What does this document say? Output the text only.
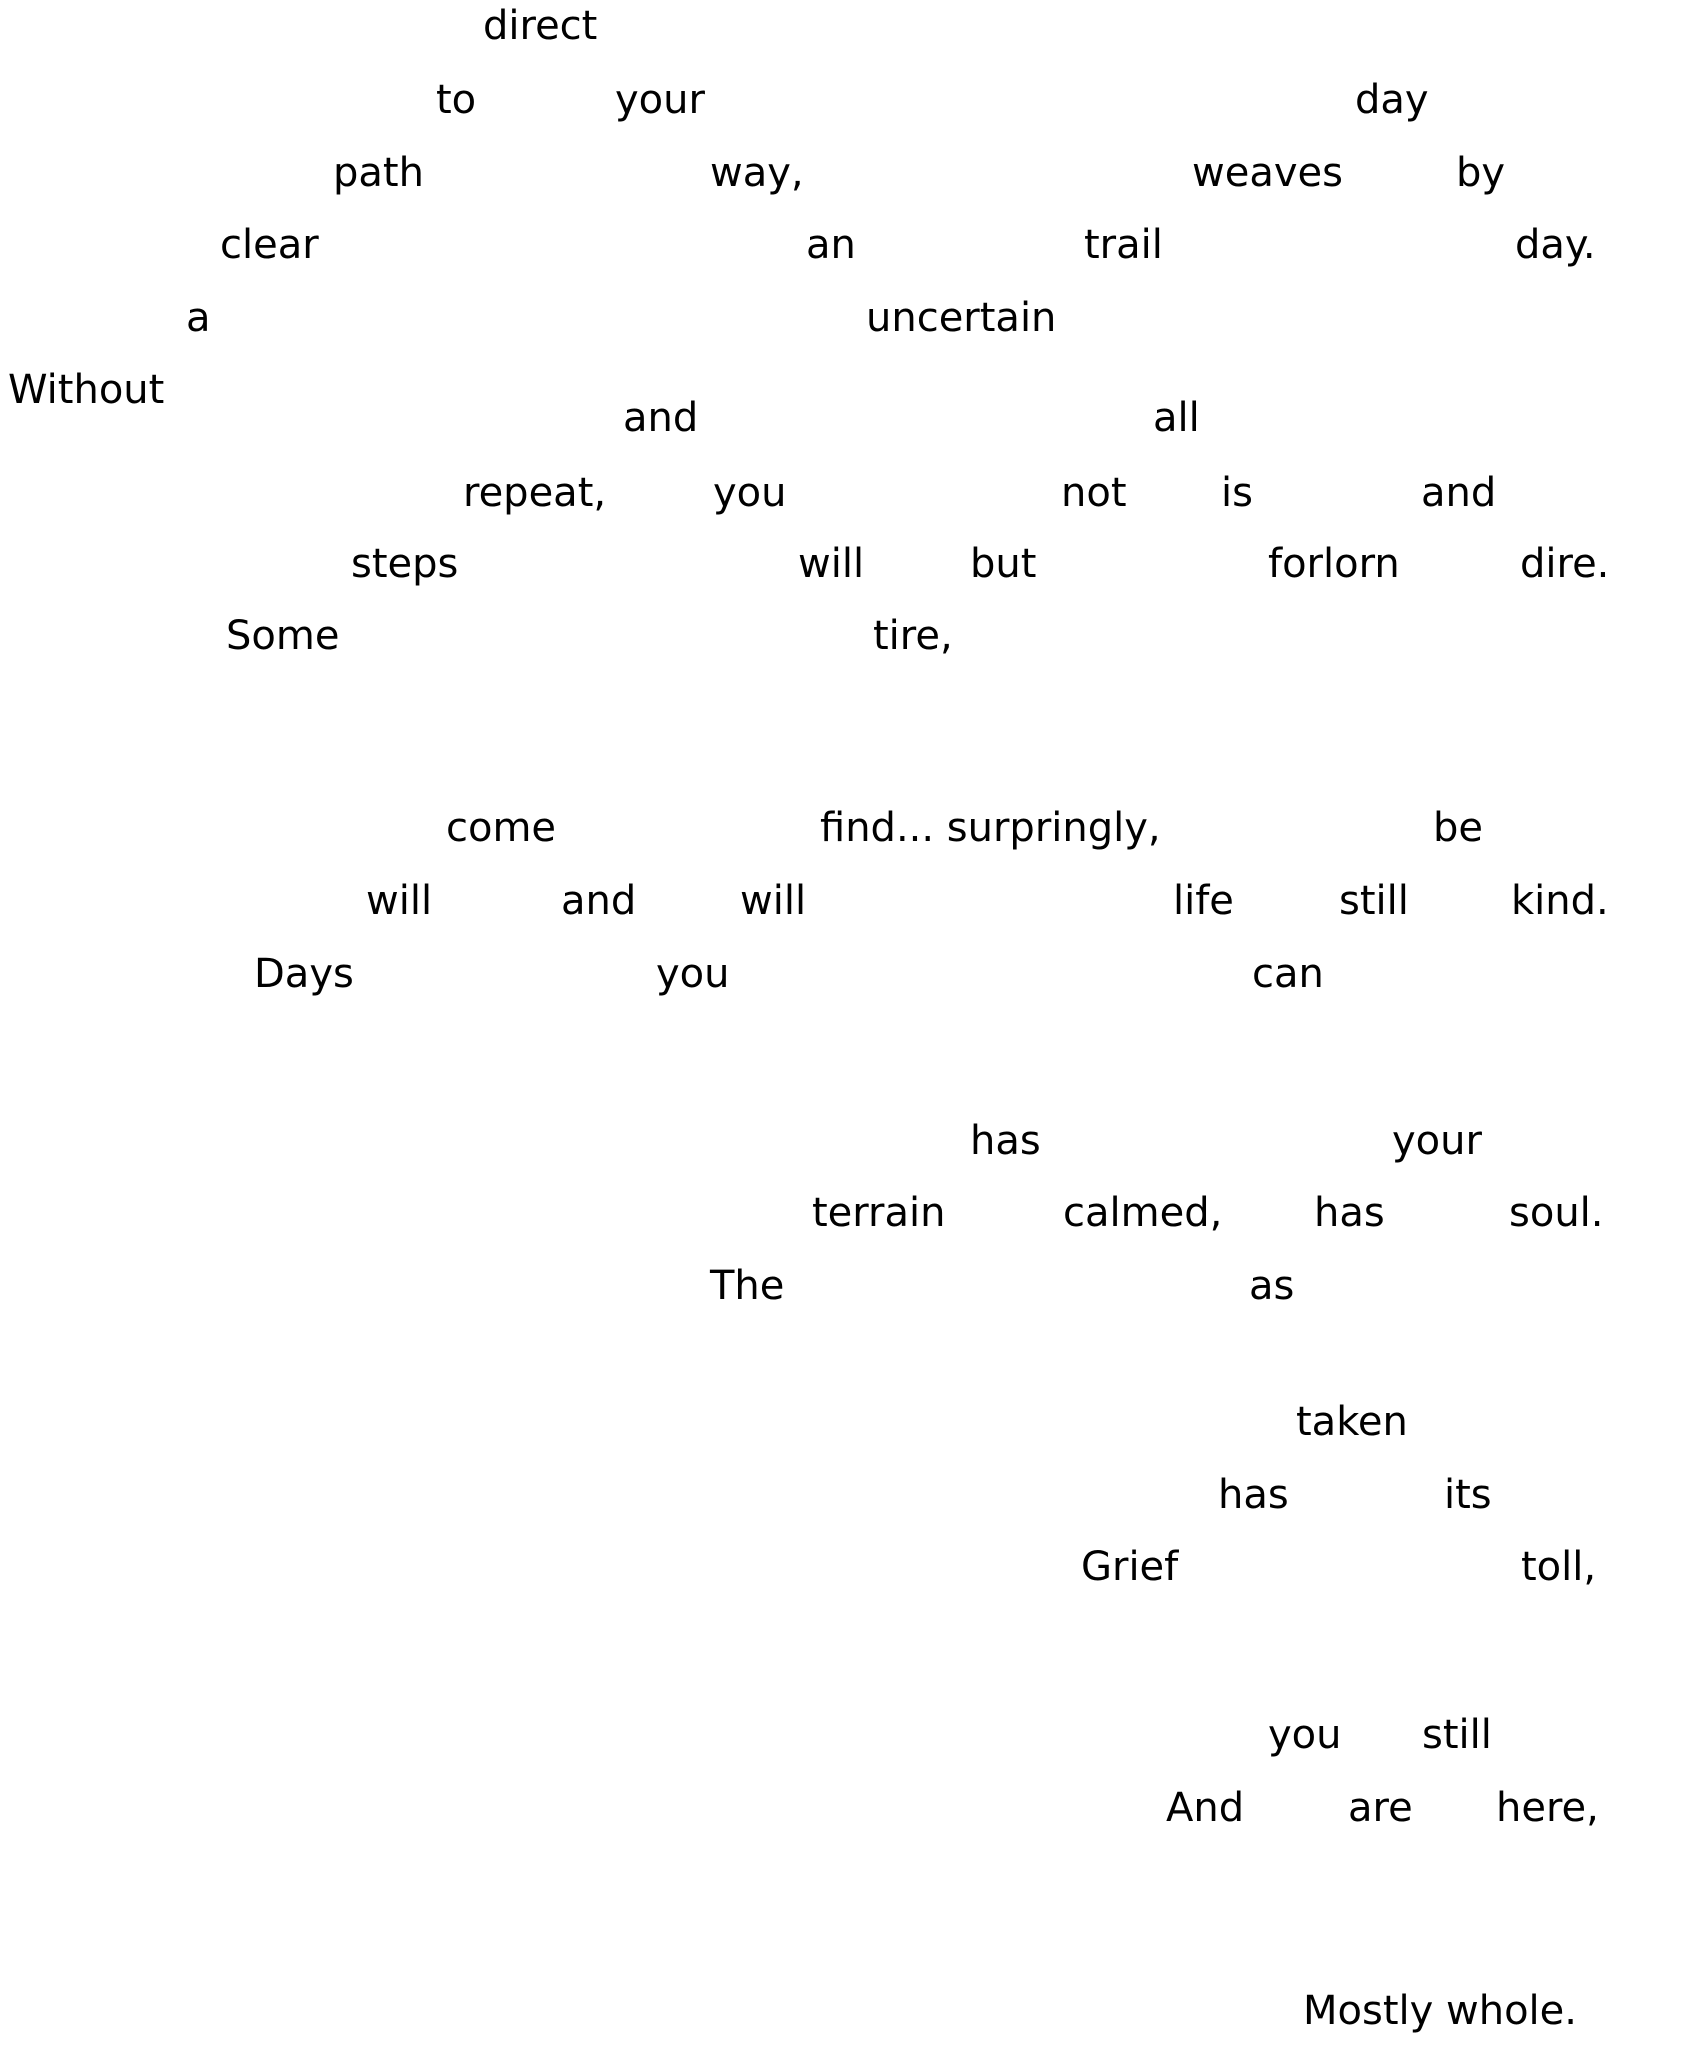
direct
to	your	day
path	way,	weaves	by
clear	an	trail	day.
a	uncertain
Without
and	all
repeat,	you	not is	and
steps	will	but	forlorn	dire.
Some	tire,
come	find... surpringly,	be
will	and	will	life	still	kind.
Days	you	can
has	your
terrain	calmed, has	soul.
The	as
taken
has	its
Grief	toll,
you still
And	are here,
Mostly whole.
